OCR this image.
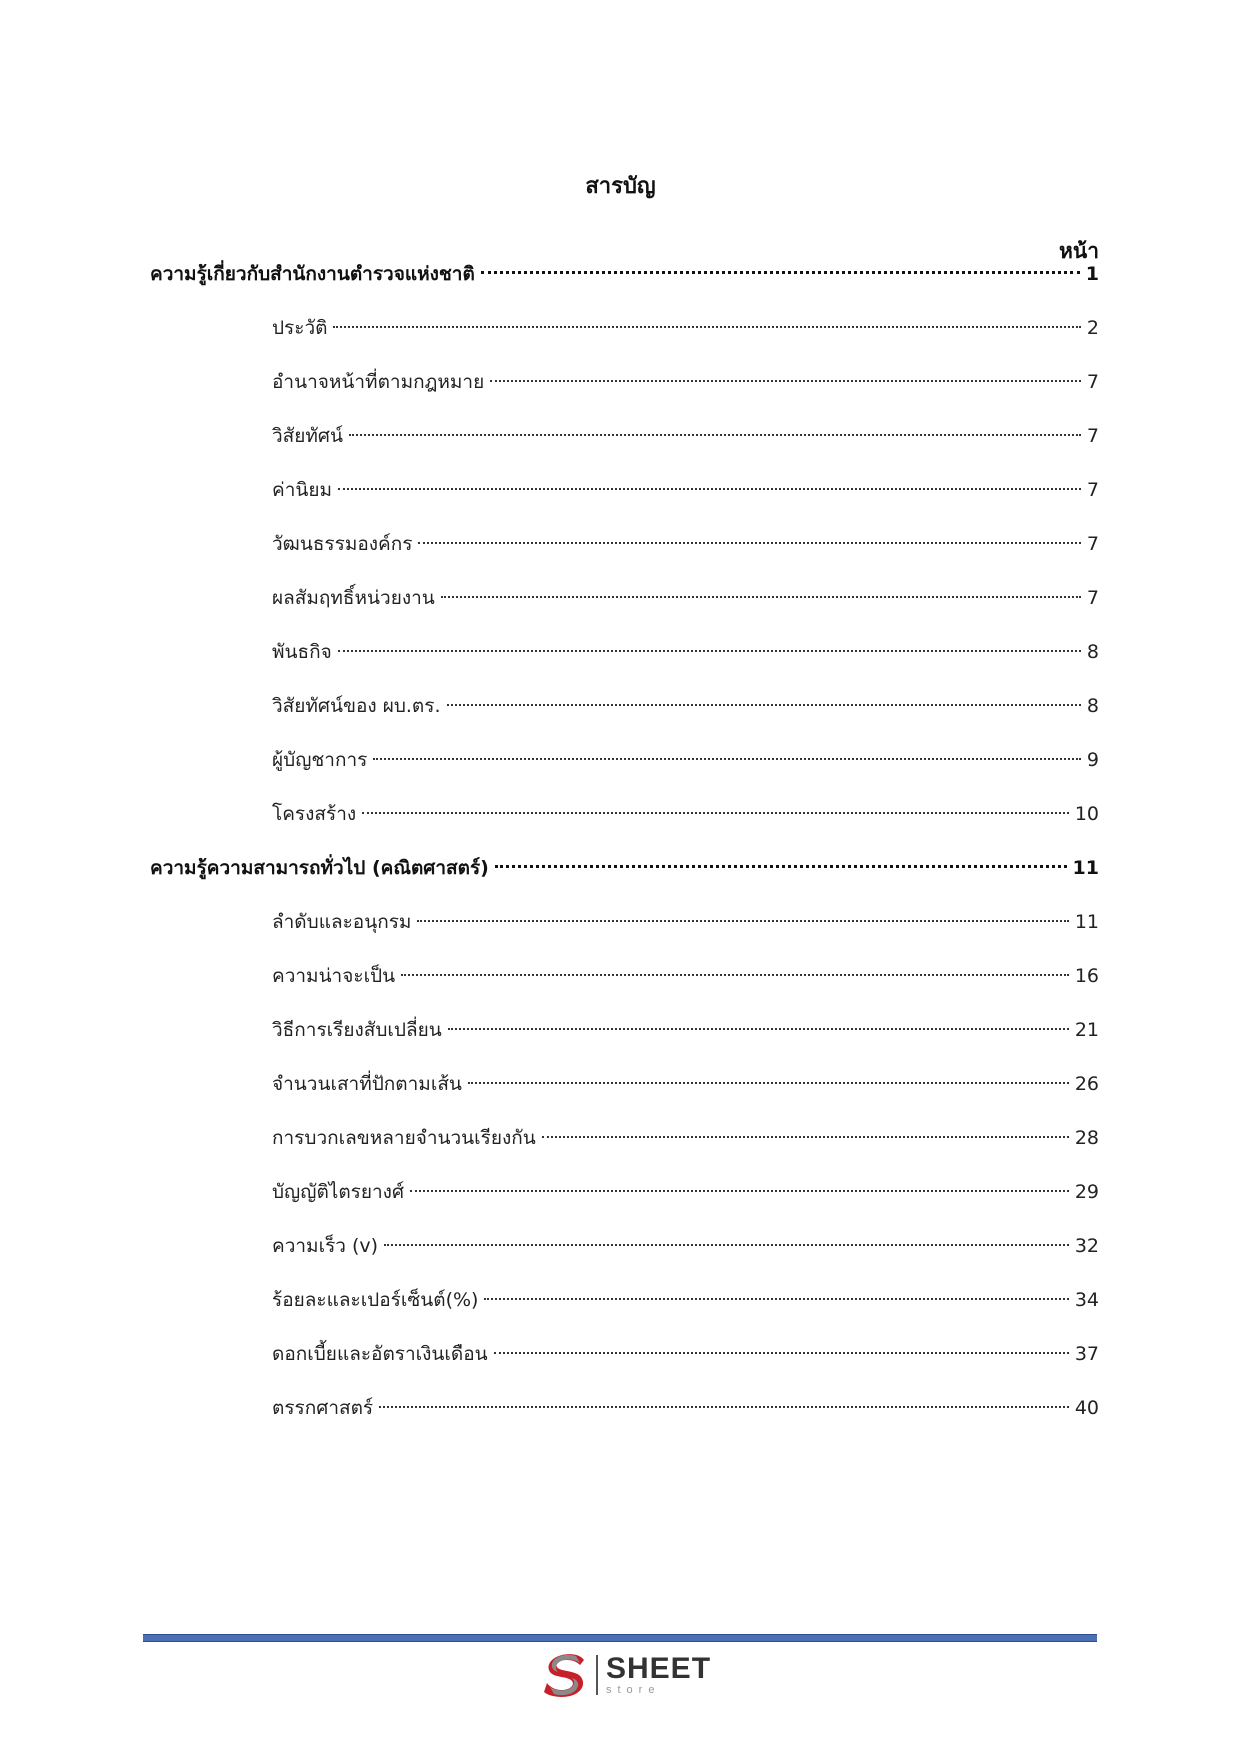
สารบัญ
หน้า
ความรู้เกี่ยวกับสำนักงานตำรวจแห่งชาติ	1
ประวัติ	2
อำนาจหน้าที่ตามกฎหมาย	7
วิสัยทัศน์	7
ค่านิยม	7
วัฒนธรรมองค์กร	7
ผลสัมฤทธิ์หน่วยงาน	7
พันธกิจ	8
วิสัยทัศน์ของ ผบ.ตร.	8
ผู้บัญชาการ	9
โครงสร้าง	10
ความรู้ความสามารถทั่วไป (คณิตศาสตร์)	11
ลำดับและอนุกรม	11
ความน่าจะเป็น	16
วิธีการเรียงสับเปลี่ยน	21
จำนวนเสาที่ปักตามเส้น	26
การบวกเลขหลายจำนวนเรียงกัน	28
บัญญัติไตรยางศ์	29
ความเร็ว (v)	32
ร้อยละและเปอร์เซ็นต์(%)	34
ดอกเบี้ยและอัตราเงินเดือน	37
ตรรกศาสตร์	40
SHEET
store
